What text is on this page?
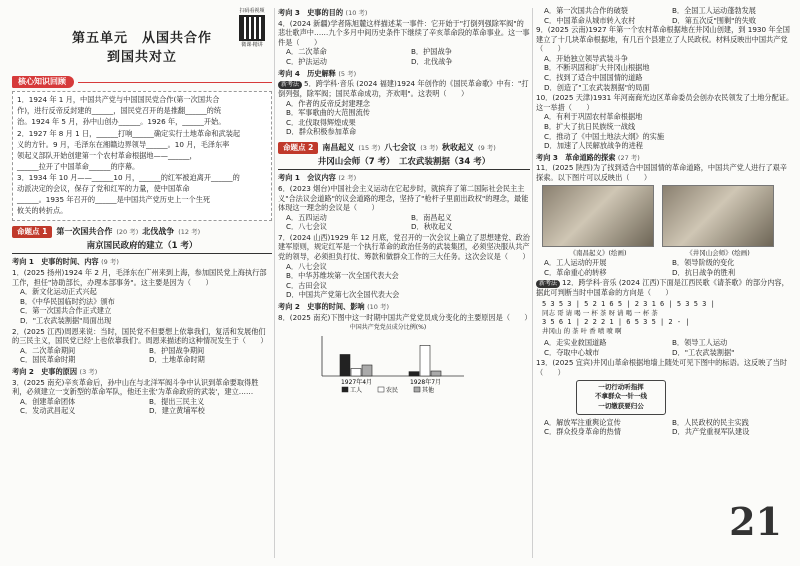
扫码看视频
微课·精讲
第五单元　从国共合作
到国共对立
核心知识回顾

1．1924 年 1 月，中国共产党与中国国民党合作(第一次国共合

作)，进行反帝反封建的______，国民党召开的是推翻______的统

治。1924 年 5 月，孙中山创办______。1926 年，______开始。

2．1927 年 8 月 1 日，______打响______确定实行土地革命和武装起

义的方针。9 月，毛泽东在湘赣边界领导______。10 月，毛泽东率

领起义部队开始创建第一个农村革命根据地——______，

______拉开了中国革命______的序幕。

3．1934 年 10 月——______10 月，______的红军被迫离开______的

动派决定的会议，保存了党和红军的力量，使中国革命

______。1935 年召开的______是中国共产党历史上一个生死

攸关的转折点。

命题点 1	第一次国共合作 (20 考) 北伐战争 (12 考)
南京国民政府的建立（1 考）
考向 1　史事的时间、内容 (9 考)
1．(2025 扬州)1924 年 2 月，毛泽东在广州来到上海，参加国民党上海执行部工作，担任"协助部长，办理本部事务"。这主要是因为（　　）
A．新文化运动正式兴起
B．《中华民国临时约法》颁布
C．第一次国共合作正式建立
D．"工农武装割据"局面出现
2．(2025 江西)周恩来说：当时，国民党不但要想上依靠我们，复活和发展他们的三民主义，国民党已经'上也依靠我们'。周恩来描述的这种情况发生于（　　）
A．二次革命期间	B．护国战争期间
C．国民革命时期	D．土地革命时期
考向 2　史事的原因 (3 考)
3．(2025 南充)辛亥革命后，孙中山在与北洋军阀斗争中认识到革命要取得胜利，必须建立一支新型的革命军队，他还主张'为革命政府的武装'，建立……
A．创建革命团体	B．提出三民主义
C．发动武昌起义	D．建立黄埔军校
考向 3　史事的目的 (10 考)
4．(2024 新疆)学者陈旭麓这样描述某一事件：它开始于"打倒列强除军阀"的悲壮歌声中……九个多月中间历史条件下继续了辛亥革命段的革命事业。这一事件是（　　）
A．二次革命	B．护国战争
C．护法运动	D．北伐战争
考向 4　历史解释 (5 考)
新考法 5．跨学科·音乐 (2024 福建)1924 年创作的《国民革命歌》中有："打倒列强，除军阀；国民革命成功，齐欢唱"。这表明（　　）
A．作者的反帝反封建理念
B．军事歌曲的大范围流传
C．北伐取得辉煌成果
D．群众积极参加革命
命题点 2	南昌起义 (15 考) 八七会议 (3 考) 秋收起义 (9 考)
井冈山会师（7 考）　工农武装割据（34 考）
考向 1　会议内容 (2 考)
6．(2023 烟台)中国社会主义运动在它起步时，就摈弃了第二国际社会民主主义"合法议会道路"的议会道路的理念，坚持了"枪杆子里面出政权"的理念，最能体现这一理念的会议是（　　）
A．五四运动	B．南昌起义
C．八七会议	D．秋收起义
7．(2024 山西)1929 年 12 月底，党召开的一次会议上确立了思想建党、政治建军原则，规定红军是一个执行革命的政治任务的武装集团，必须坚决服从共产党的领导，必须担负打仗、筹款和做群众工作的三大任务。这次会议是（　　）
A．八七会议
B．中华苏维埃第一次全国代表大会
C．古田会议
D．中国共产党第七次全国代表大会
考向 2　史事的时间、影响 (10 考)
8．(2025 南充)下图中这一时期中国共产党党员成分变化的主要原因是（　　）
中国共产党党员成分比例(%)
1927年4月	1928年7月
工人	农民	其他
A．第一次国共合作的破裂	B．全国工人运动蓬勃发展
C．中国革命从城市转入农村	D．第五次反"围剿"的失败
9．(2025 云南)1927 年第一个农村革命根据地在井冈山创建，到 1930 年全国建立了十几块革命根据地，有几百个县建立了人民政权。材料反映出中国共产党（　　）
A．开始独立领导武装斗争
B．不断巩固和扩大井冈山根据地
C．找到了适合中国国情的道路
D．创造了"工农武装割据"的局面
10．(2025 天津)1931 年河南商光边区革命委员会创办农民领发了土地分配证。这一举措（　　）
A．有利于巩固农村革命根据地
B．扩大了抗日民族统一战线
C．推动了《中国土地法大纲》的实施
D．加速了人民解放战争的进程
考向 3　革命道路的探索 (27 考)
11．(2025 陕西)为了找到适合中国国情的革命道路，中国共产党人进行了艰辛探索。以下图片可以反映出（　　）
《南昌起义》(绘画)	《井冈山会师》(绘画)
A．工人运动的开展	B．领导阶级的变化
C．革命重心的转移	D．抗日战争的胜利
新考法 12．跨学科·音乐 (2024 江西)下面是江西民歌《请茶歌》的部分内容，据此可判断当时中国革命的方向是（　　）
5 3 5 3 | 5 2 1 6 5 | 2 3 1 6 | 5 3 5 3 |
同志 哥 请 喝 一 杯 茶 呀 请 喝 一 杯 茶
3 5 6 1 | 2 2 2 1 | 6 5 3 5 | 2 - |
井冈山 的 茶 叶 香 喷 喷 啊
A．走实业救国道路	B．领导工人运动
C．夺取中心城市	D．"工农武装割据"
13．(2025 宜宾)井冈山革命根据地墙上随处可见下图中的标语。这反映了当时（　　）
一切行动听指挥
不拿群众一针一线
一切缴获要归公
A．解放军注重舆论宣传	B．人民政权的民主实践
C．群众投身革命的热情	D．共产党重视军队建设
21
